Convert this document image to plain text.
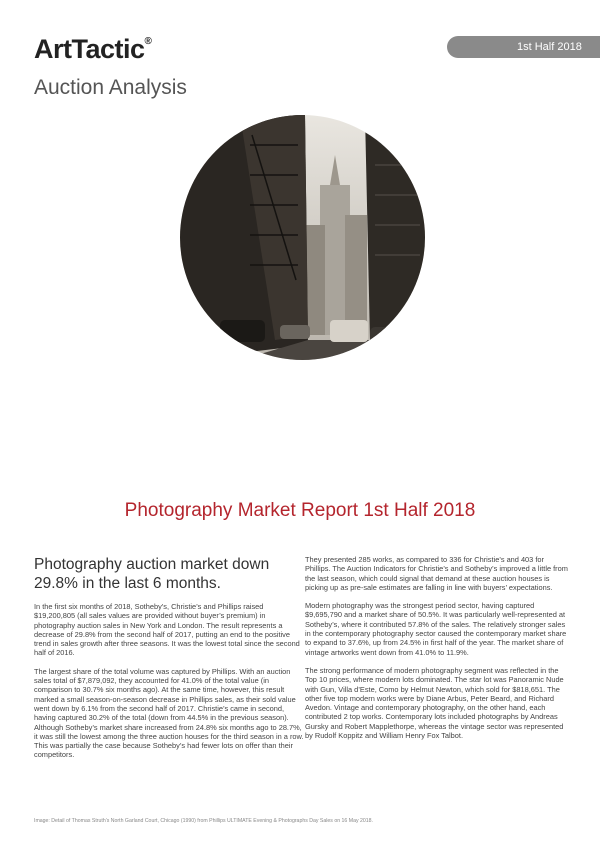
ArtTactic®
Auction Analysis
1st Half 2018
Photography Market Report 1st Half 2018

Photography auction market down 29.8% in the last 6 months.

In the first six months of 2018, Sotheby’s, Christie’s and Phillips raised $19,200,805 (all sales values are provided without buyer’s premium) in photography auction sales in New York and London. The result represents a decrease of 29.8% from the second half of 2017, putting an end to the positive trend in sales growth after three seasons. It was the lowest total since the second half of 2016.

The largest share of the total volume was captured by Phillips. With an auction sales total of $7,879,092, they accounted for 41.0% of the total value (in comparison to 30.7% six months ago). At the same time, however, this result marked a small season-on-season decrease in Phillips sales, as their sold value went down by 6.1% from the second half of 2017. Christie’s came in second, having captured 30.2% of the total (down from 44.5% in the previous season). Although Sotheby’s market share increased from 24.8% six months ago to 28.7%, it was still the lowest among the three auction houses for the third season in a row. This was partially the case because Sotheby’s had fewer lots on offer than their competitors.

They presented 285 works, as compared to 336 for Christie’s and 403 for Phillips. The Auction Indicators for Christie’s and Sotheby’s improved a little from the last season, which could signal that demand at these auction houses is picking up as pre-sale estimates are falling in line with buyers’ expectations.

Modern photography was the strongest period sector, having captured $9,695,790 and a market share of 50.5%. It was particularly well-represented at Sotheby’s, where it contributed 57.8% of the sales. The relatively stronger sales in the contemporary photography sector caused the contemporary market share to expand to 37.6%, up from 24.5% in first half of the year. The market share of vintage artworks went down from 41.0% to 11.9%.

The strong performance of modern photography segment was reflected in the Top 10 prices, where modern lots dominated. The star lot was Panoramic Nude with Gun, Villa d’Este, Como by Helmut Newton, which sold for $818,651. The other five top modern works were by Diane Arbus, Peter Beard, and Richard Avedon. Vintage and contemporary photography, on the other hand, each contributed 2 top works. Contemporary lots included photographs by Andreas Gursky and Robert Mapplethorpe, whereas the vintage sector was represented by Rudolf Koppitz and William Henry Fox Talbot.

Image: Detail of Thomas Struth’s North Garland Court, Chicago (1990) from Phillips ULTIMATE Evening & Photographs Day Sales on 16 May 2018.
